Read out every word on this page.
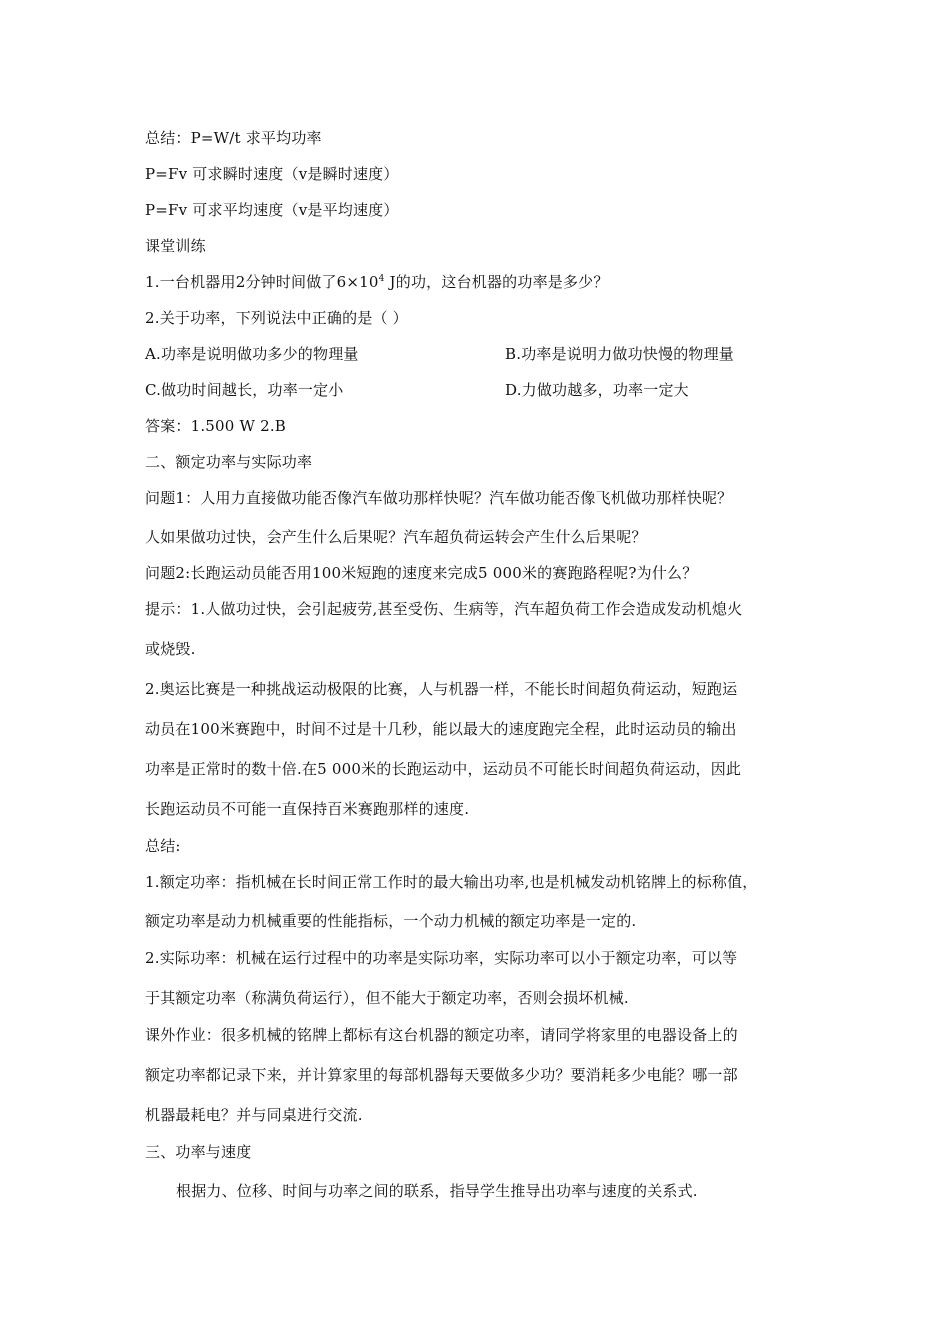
总结：P=W/t 求平均功率
P=Fv 可求瞬时速度（v是瞬时速度）
P=Fv 可求平均速度（v是平均速度）
课堂训练
1.一台机器用2分钟时间做了$6\times 10^4$ J的功，这台机器的功率是多少？
2.关于功率，下列说法中正确的是（ ）
A.功率是说明做功多少的物理量	B.功率是说明力做功快慢的物理量
C.做功时间越长，功率一定小	D.力做功越多，功率一定大
答案：1.500 W 2.B
二、额定功率与实际功率
问题1：人用力直接做功能否像汽车做功那样快呢？汽车做功能否像飞机做功那样快呢？
人如果做功过快，会产生什么后果呢？汽车超负荷运转会产生什么后果呢？
问题2:长跑运动员能否用100米短跑的速度来完成5 000米的赛跑路程呢?为什么？
提示：1.人做功过快，会引起疲劳,甚至受伤、生病等，汽车超负荷工作会造成发动机熄火
或烧毁.
2.奥运比赛是一种挑战运动极限的比赛，人与机器一样，不能长时间超负荷运动，短跑运
动员在100米赛跑中，时间不过是十几秒，能以最大的速度跑完全程，此时运动员的输出
功率是正常时的数十倍.在5 000米的长跑运动中，运动员不可能长时间超负荷运动，因此
长跑运动员不可能一直保持百米赛跑那样的速度.
总结:
1.额定功率：指机械在长时间正常工作时的最大输出功率,也是机械发动机铭牌上的标称值，
额定功率是动力机械重要的性能指标，一个动力机械的额定功率是一定的.
2.实际功率：机械在运行过程中的功率是实际功率，实际功率可以小于额定功率，可以等
于其额定功率（称满负荷运行），但不能大于额定功率，否则会损坏机械.
课外作业：很多机械的铭牌上都标有这台机器的额定功率，请同学将家里的电器设备上的
额定功率都记录下来，并计算家里的每部机器每天要做多少功？要消耗多少电能？哪一部
机器最耗电？并与同桌进行交流.
三、功率与速度
根据力、位移、时间与功率之间的联系，指导学生推导出功率与速度的关系式.
